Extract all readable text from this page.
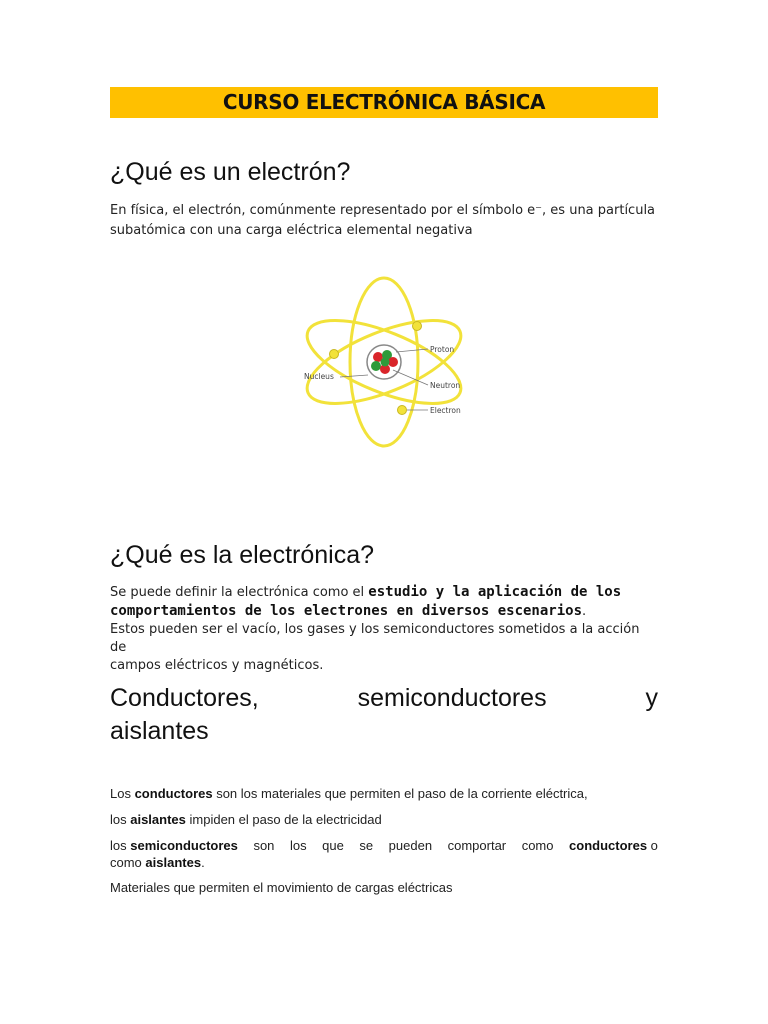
CURSO ELECTRÓNICA BÁSICA
¿Qué es un electrón?
En física, el electrón, comúnmente representado por el símbolo e⁻, es una partícula
subatómica con una carga eléctrica elemental negativa
Proton
Nucleus
Neutron
Electron
¿Qué es la electrónica?
Se puede definir la electrónica como el estudio y la aplicación de los
comportamientos de los electrones en diversos escenarios.
Estos pueden ser el vacío, los gases y los semiconductores sometidos a la acción de
campos eléctricos y magnéticos.
Conductores,	semiconductores	y
aislantes
Los conductores son los materiales que permiten el paso de la corriente eléctrica,
los aislantes impiden el paso de la electricidad
los semiconductores son los que se pueden comportar como conductores o
como aislantes.
Materiales que permiten el movimiento de cargas eléctricas
